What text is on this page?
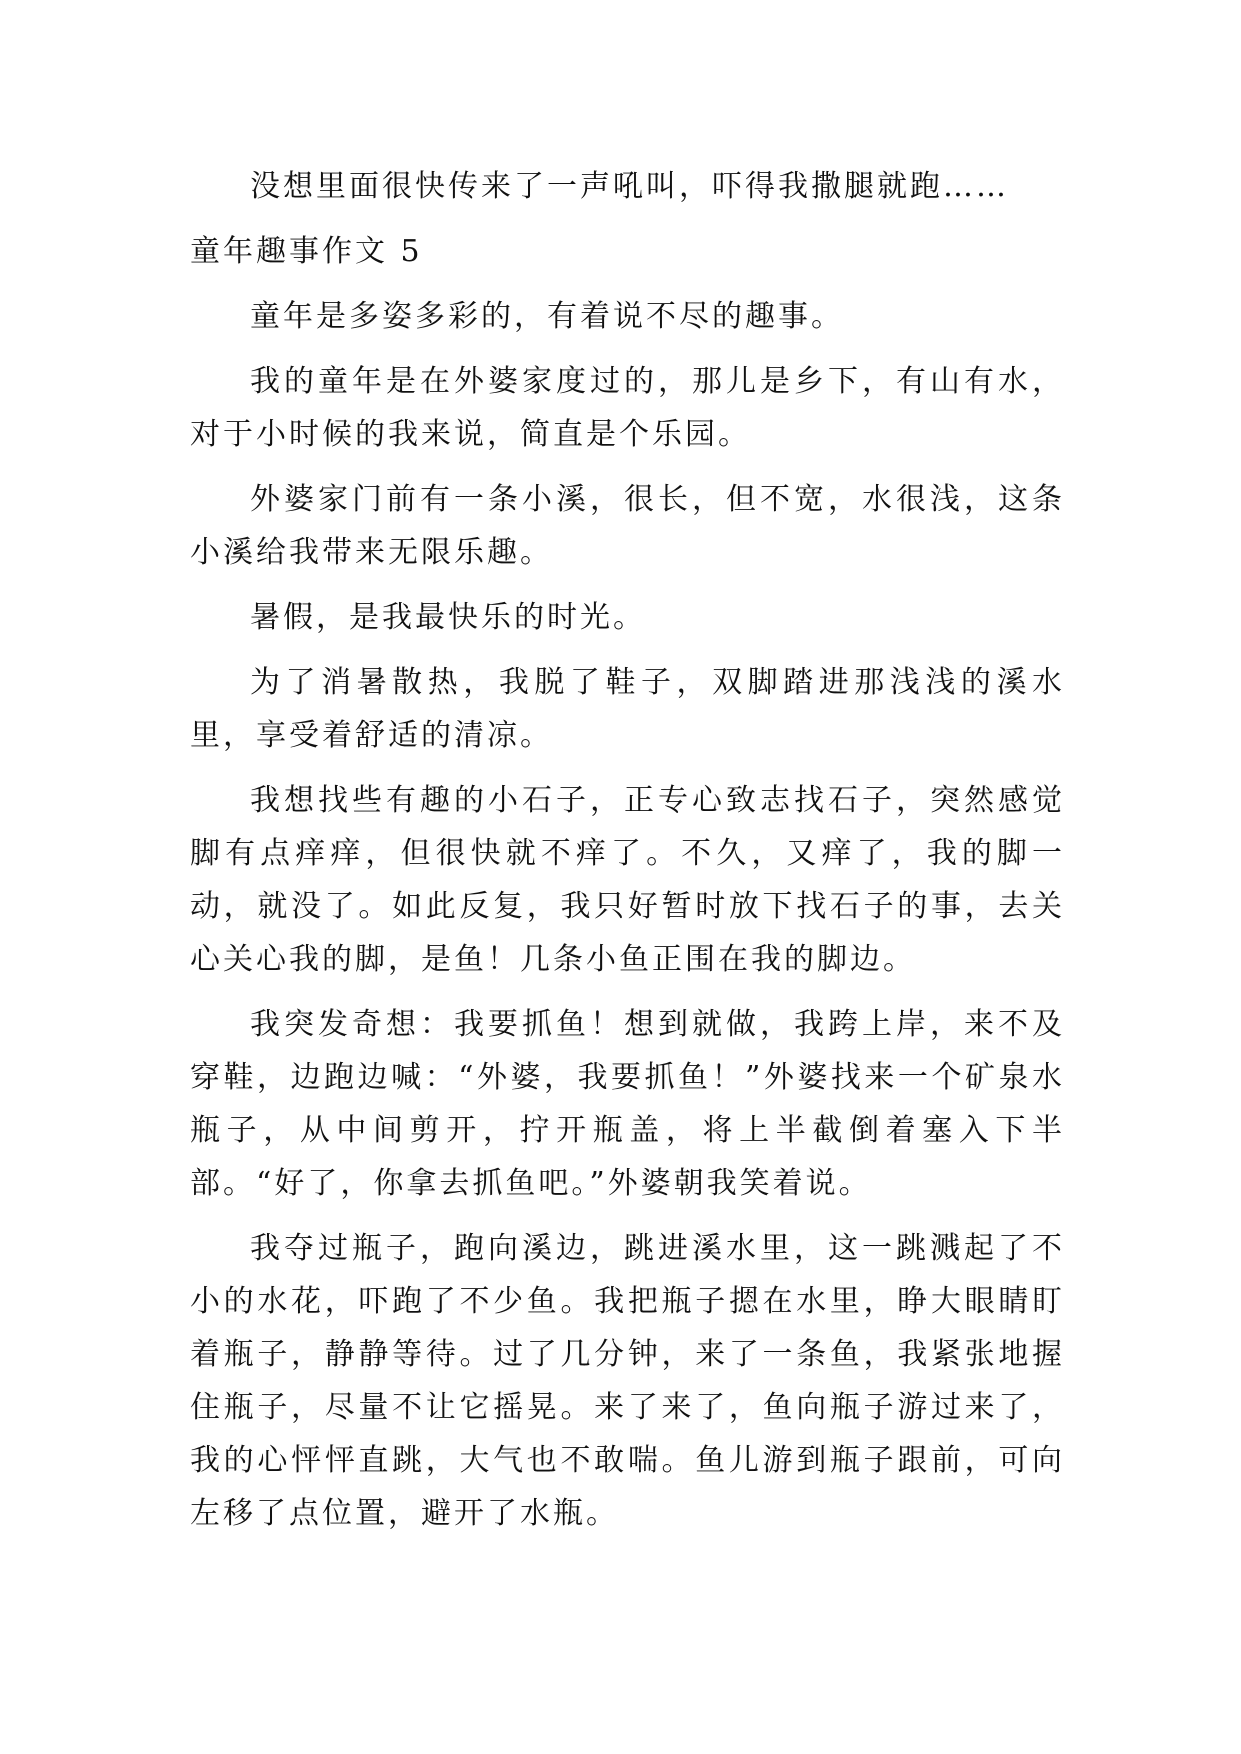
没想里面很快传来了一声吼叫，吓得我撒腿就跑……

童年趣事作文 5

童年是多姿多彩的，有着说不尽的趣事。

我的童年是在外婆家度过的，那儿是乡下，有山有水，对于小时候的我来说，简直是个乐园。

外婆家门前有一条小溪，很长，但不宽，水很浅，这条小溪给我带来无限乐趣。

暑假，是我最快乐的时光。

为了消暑散热，我脱了鞋子，双脚踏进那浅浅的溪水里，享受着舒适的清凉。

我想找些有趣的小石子，正专心致志找石子，突然感觉脚有点痒痒，但很快就不痒了。不久，又痒了，我的脚一动，就没了。如此反复，我只好暂时放下找石子的事，去关心关心我的脚，是鱼！几条小鱼正围在我的脚边。

我突发奇想：我要抓鱼！想到就做，我跨上岸，来不及穿鞋，边跑边喊：“外婆，我要抓鱼！”外婆找来一个矿泉水瓶子，从中间剪开，拧开瓶盖，将上半截倒着塞入下半部。“好了，你拿去抓鱼吧。”外婆朝我笑着说。

我夺过瓶子，跑向溪边，跳进溪水里，这一跳溅起了不小的水花，吓跑了不少鱼。我把瓶子摁在水里，睁大眼睛盯着瓶子，静静等待。过了几分钟，来了一条鱼，我紧张地握住瓶子，尽量不让它摇晃。来了来了，鱼向瓶子游过来了，我的心怦怦直跳，大气也不敢喘。鱼儿游到瓶子跟前，可向左移了点位置，避开了水瓶。
